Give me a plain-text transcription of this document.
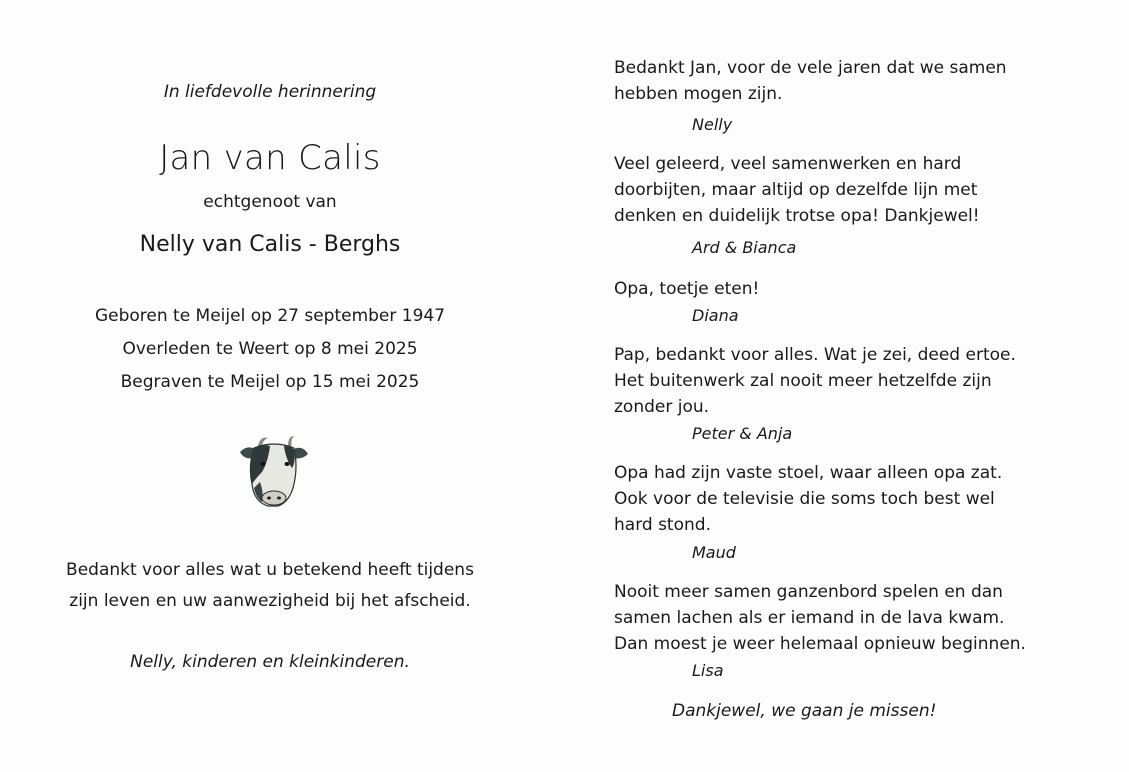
In liefdevolle herinnering
Jan van Calis
echtgenoot van
Nelly van Calis - Berghs
Geboren te Meijel op 27 september 1947
Overleden te Weert op 8 mei 2025
Begraven te Meijel op 15 mei 2025
Bedankt voor alles wat u betekend heeft tijdens
zijn leven en uw aanwezigheid bij het afscheid.
Nelly, kinderen en kleinkinderen.
Bedankt Jan, voor de vele jaren dat we samen
hebben mogen zijn.
Nelly
Veel geleerd, veel samenwerken en hard
doorbijten, maar altijd op dezelfde lijn met
denken en duidelijk trotse opa! Dankjewel!
Ard & Bianca
Opa, toetje eten!
Diana
Pap, bedankt voor alles. Wat je zei, deed ertoe.
Het buitenwerk zal nooit meer hetzelfde zijn
zonder jou.
Peter & Anja
Opa had zijn vaste stoel, waar alleen opa zat.
Ook voor de televisie die soms toch best wel
hard stond.
Maud
Nooit meer samen ganzenbord spelen en dan
samen lachen als er iemand in de lava kwam.
Dan moest je weer helemaal opnieuw beginnen.
Lisa
Dankjewel, we gaan je missen!
